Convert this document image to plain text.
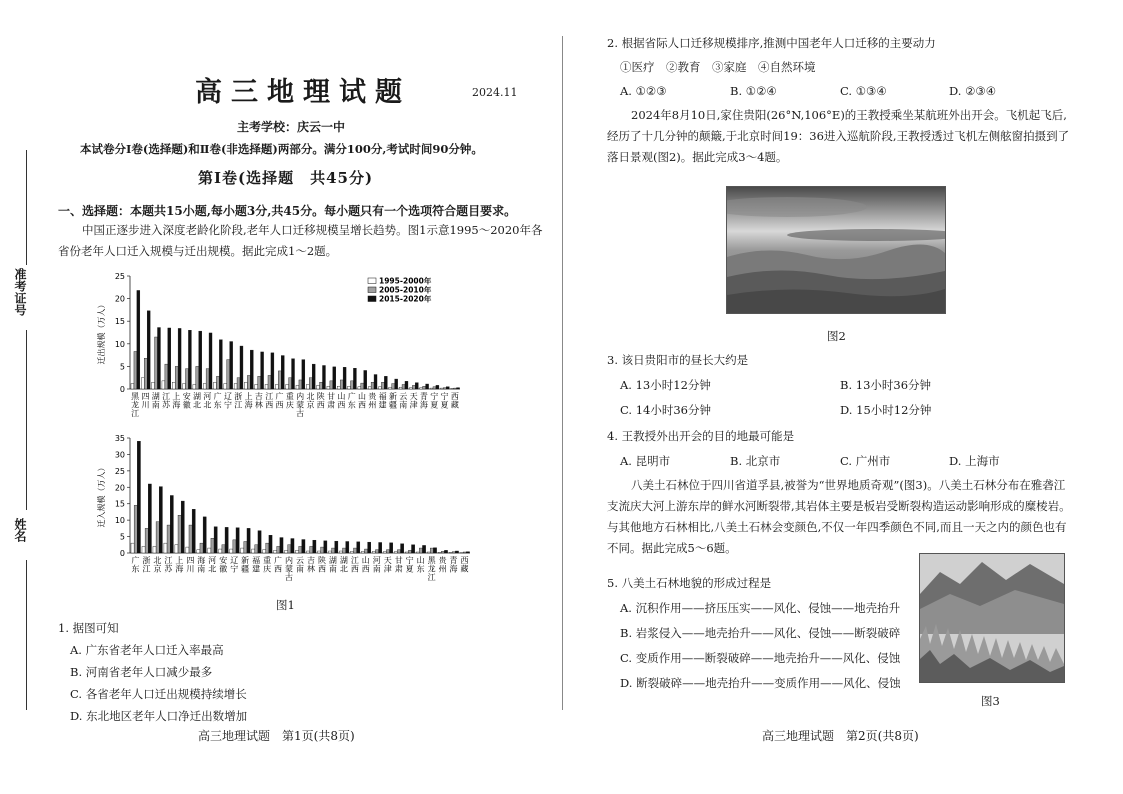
准考证号
姓名
高三地理试题	2024.11
主考学校：庆云一中
本试卷分Ⅰ卷(选择题)和Ⅱ卷(非选择题)两部分。满分100分,考试时间90分钟。
第Ⅰ卷(选择题　共45分)
一、选择题：本题共15小题,每小题3分,共45分。每小题只有一个选项符合题目要求。
中国正逐步进入深度老龄化阶段,老年人口迁移规模呈增长趋势。图1示意1995～2020年各省份老年人口迁入规模与迁出规模。据此完成1～2题。
0
5
10
15
20
25
迁出规模（万人）
黑龙江
四川
湖南
江苏
上海
安徽
湖北
河北
广东
辽宁
浙江
上海
吉林
江西
广西
重庆
内蒙古
北京
陕西
甘肃
山西
广东
山西
贵州
福建
新疆
云南
天津
青海
宁夏
宁夏
西藏
1995-2000年
2005-2010年
2015-2020年
0
5
10
15
20
25
30
35
迁入规模（万人）
广东
浙江
北京
江苏
上海
四川
海南
河北
安徽
辽宁
新疆
福建
重庆
广西
内蒙古
云南
吉林
陕西
湖南
湖北
江西
山西
河南
天津
甘肃
宁夏
山东
黑龙江
贵州
青海
西藏
图1
1. 据图可知
A. 广东省老年人口迁入率最高
B. 河南省老年人口减少最多
C. 各省老年人口迁出规模持续增长
D. 东北地区老年人口净迁出数增加
高三地理试题　第1页(共8页)
2. 根据省际人口迁移规模排序,推测中国老年人口迁移的主要动力
①医疗　②教育　③家庭　④自然环境
A. ①②③	B. ①②④	C. ①③④	D. ②③④
2024年8月10日,家住贵阳(26°N,106°E)的王教授乘坐某航班外出开会。飞机起飞后,经历了十几分钟的颠簸,于北京时间19：36进入巡航阶段,王教授透过飞机左侧舷窗拍摄到了落日景观(图2)。据此完成3～4题。
图2
3. 该日贵阳市的昼长大约是
A. 13小时12分钟	B. 13小时36分钟
C. 14小时36分钟	D. 15小时12分钟
4. 王教授外出开会的目的地最可能是
A. 昆明市	B. 北京市	C. 广州市	D. 上海市
八美土石林位于四川省道孚县,被誉为“世界地质奇观”(图3)。八美土石林分布在雅砻江支流庆大河上游东岸的鲜水河断裂带,其岩体主要是板岩受断裂构造运动影响形成的糜棱岩。与其他地方石林相比,八美土石林会变颜色,不仅一年四季颜色不同,而且一天之内的颜色也有不同。据此完成5～6题。
5. 八美土石林地貌的形成过程是
A. 沉积作用——挤压压实——风化、侵蚀——地壳抬升
B. 岩浆侵入——地壳抬升——风化、侵蚀——断裂破碎
C. 变质作用——断裂破碎——地壳抬升——风化、侵蚀
D. 断裂破碎——地壳抬升——变质作用——风化、侵蚀
图3
高三地理试题　第2页(共8页)
